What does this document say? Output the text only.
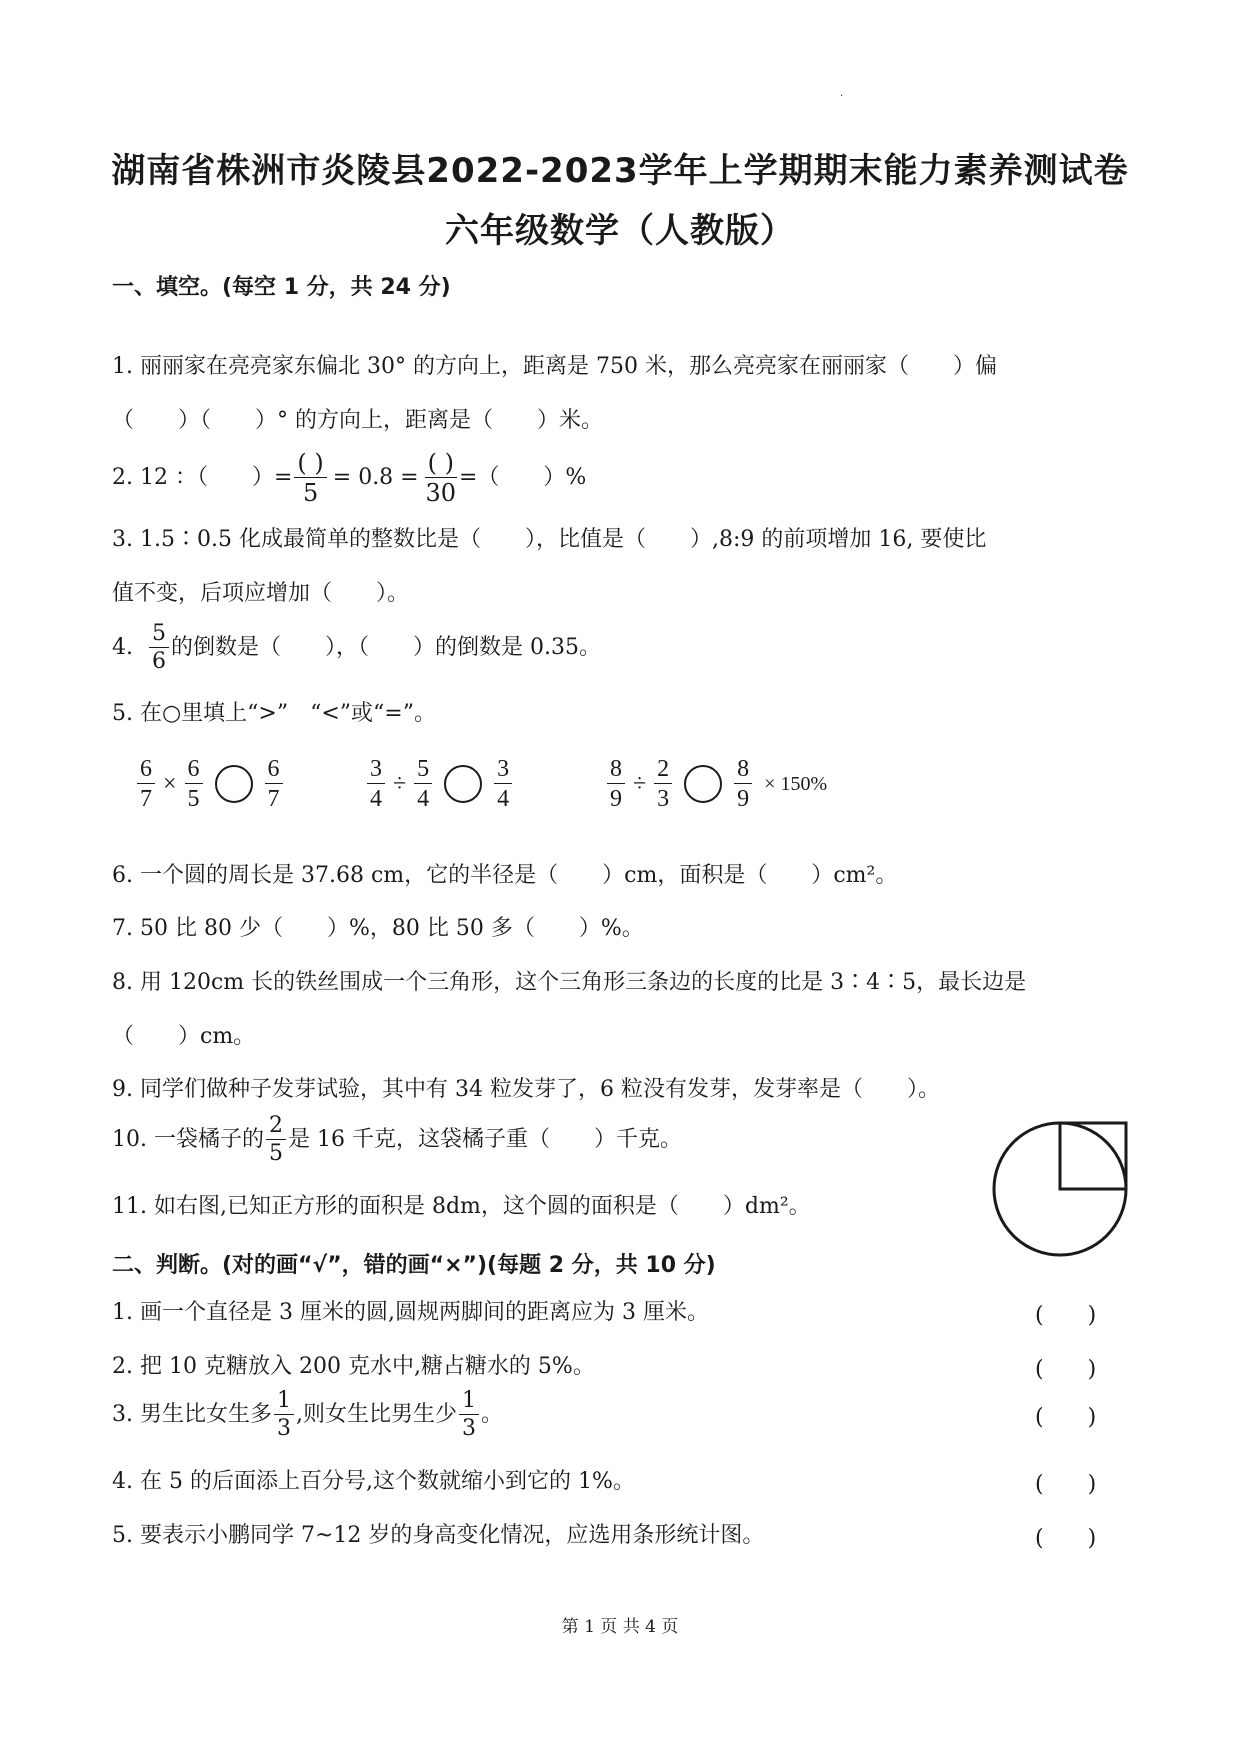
.
湖南省株洲市炎陵县2022-2023学年上学期期末能力素养测试卷
六年级数学（人教版）
一、填空。(每空 1 分，共 24 分)
1. 丽丽家在亮亮家东偏北 30° 的方向上，距离是 750 米，那么亮亮家在丽丽家（　　）偏
（　　）（　　）° 的方向上，距离是（　　）米。
2. 12 ：（　　）= $\frac{( )}{5} = 0.8 = \frac{( )}{30}$ =（　　）%
3. 1.5∶0.5 化成最简单的整数比是（　　），比值是（　　）,8:9 的前项增加 16, 要使比
值不变，后项应增加（　　）。
4. $\frac{5}{6}$ 的倒数是（　　），（　　）的倒数是 0.35。
5. 在○里填上“>”　“<”或“=”。
$\frac{6}{7} \times \frac{6}{5}$	$\frac{6}{7}$	$\frac{3}{4} \div \frac{5}{4}$	$\frac{3}{4}$	$\frac{8}{9} \div \frac{2}{3}$	$\frac{8}{9} \times 150\%$
6. 一个圆的周长是 37.68 cm，它的半径是（　　）cm，面积是（　　）cm²。
7. 50 比 80 少（　　）%，80 比 50 多（　　）%。
8. 用 120cm 长的铁丝围成一个三角形，这个三角形三条边的长度的比是 3∶4∶5，最长边是
（　　）cm。
9. 同学们做种子发芽试验，其中有 34 粒发芽了，6 粒没有发芽，发芽率是（　　）。
10. 一袋橘子的 $\frac{2}{5}$ 是 16 千克，这袋橘子重（　　）千克。
11. 如右图,已知正方形的面积是 8dm，这个圆的面积是（　　）dm²。
二、判断。(对的画“√”，错的画“×”)(每题 2 分，共 10 分)
1. 画一个直径是 3 厘米的圆,圆规两脚间的距离应为 3 厘米。	(　　)
2. 把 10 克糖放入 200 克水中,糖占糖水的 5%。	(　　)
3. 男生比女生多 $\frac{1}{3}$ ,则女生比男生少 $\frac{1}{3}$ 。	(　　)
4. 在 5 的后面添上百分号,这个数就缩小到它的 1%。	(　　)
5. 要表示小鹏同学 7~12 岁的身高变化情况，应选用条形统计图。	(　　)
第 1 页 共 4 页
